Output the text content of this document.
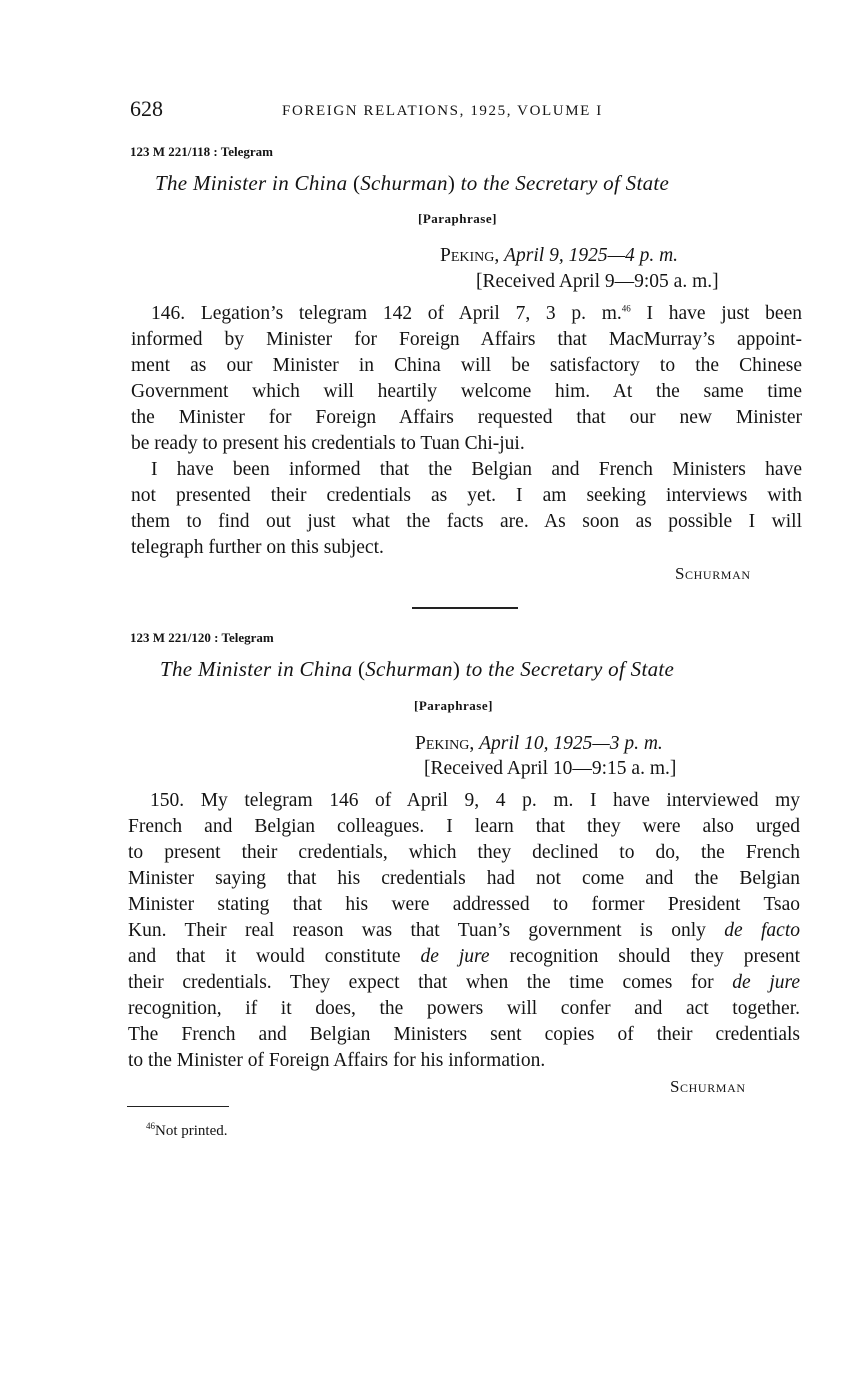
628	FOREIGN RELATIONS, 1925, VOLUME I
123 M 221/118 : Telegram
The Minister in China (Schurman) to the Secretary of State
[Paraphrase]
Peking, April 9, 1925—4 p. m.
[Received April 9—9:05 a. m.]
146. Legation’s telegram 142 of April 7, 3 p. m.$^{46}$ I have just been
informed by Minister for Foreign Affairs that MacMurray’s appoint-
ment as our Minister in China will be satisfactory to the Chinese
Government which will heartily welcome him. At the same time
the Minister for Foreign Affairs requested that our new Minister
be ready to present his credentials to Tuan Chi-jui.
I have been informed that the Belgian and French Ministers have
not presented their credentials as yet. I am seeking interviews with
them to find out just what the facts are. As soon as possible I will
telegraph further on this subject.
Schurman
123 M 221/120 : Telegram
The Minister in China (Schurman) to the Secretary of State
[Paraphrase]
Peking, April 10, 1925—3 p. m.
[Received April 10—9:15 a. m.]
150. My telegram 146 of April 9, 4 p. m. I have interviewed my
French and Belgian colleagues. I learn that they were also urged
to present their credentials, which they declined to do, the French
Minister saying that his credentials had not come and the Belgian
Minister stating that his were addressed to former President Tsao
Kun. Their real reason was that Tuan’s government is only de facto
and that it would constitute de jure recognition should they present
their credentials. They expect that when the time comes for de jure
recognition, if it does, the powers will confer and act together.
The French and Belgian Ministers sent copies of their credentials
to the Minister of Foreign Affairs for his information.
Schurman
$^{46}$Not printed.
